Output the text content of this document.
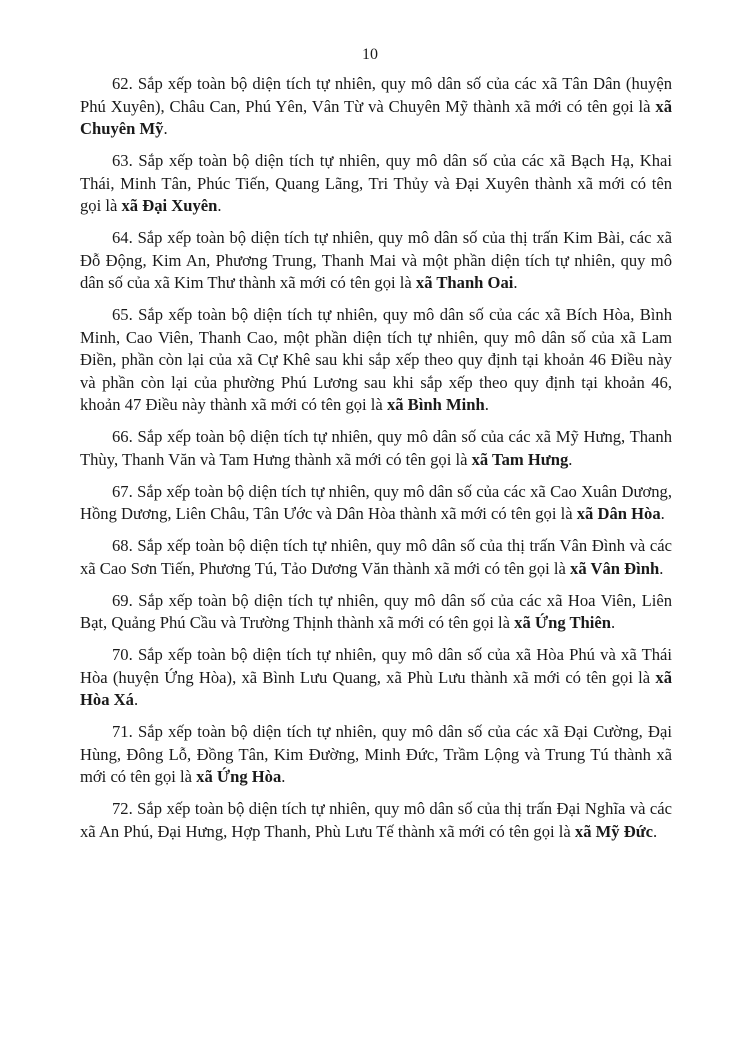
10

62. Sắp xếp toàn bộ diện tích tự nhiên, quy mô dân số của các xã Tân Dân (huyện Phú Xuyên), Châu Can, Phú Yên, Vân Từ và Chuyên Mỹ thành xã mới có tên gọi là xã Chuyên Mỹ.

63. Sắp xếp toàn bộ diện tích tự nhiên, quy mô dân số của các xã Bạch Hạ, Khai Thái, Minh Tân, Phúc Tiến, Quang Lãng, Tri Thủy và Đại Xuyên thành xã mới có tên gọi là xã Đại Xuyên.

64. Sắp xếp toàn bộ diện tích tự nhiên, quy mô dân số của thị trấn Kim Bài, các xã Đỗ Động, Kim An, Phương Trung, Thanh Mai và một phần diện tích tự nhiên, quy mô dân số của xã Kim Thư thành xã mới có tên gọi là xã Thanh Oai.

65. Sắp xếp toàn bộ diện tích tự nhiên, quy mô dân số của các xã Bích Hòa, Bình Minh, Cao Viên, Thanh Cao, một phần diện tích tự nhiên, quy mô dân số của xã Lam Điền, phần còn lại của xã Cự Khê sau khi sắp xếp theo quy định tại khoản 46 Điều này và phần còn lại của phường Phú Lương sau khi sắp xếp theo quy định tại khoản 46, khoản 47 Điều này thành xã mới có tên gọi là xã Bình Minh.

66. Sắp xếp toàn bộ diện tích tự nhiên, quy mô dân số của các xã Mỹ Hưng, Thanh Thùy, Thanh Văn và Tam Hưng thành xã mới có tên gọi là xã Tam Hưng.

67. Sắp xếp toàn bộ diện tích tự nhiên, quy mô dân số của các xã Cao Xuân Dương, Hồng Dương, Liên Châu, Tân Ước và Dân Hòa thành xã mới có tên gọi là xã Dân Hòa.

68. Sắp xếp toàn bộ diện tích tự nhiên, quy mô dân số của thị trấn Vân Đình và các xã Cao Sơn Tiến, Phương Tú, Tảo Dương Văn thành xã mới có tên gọi là xã Vân Đình.

69. Sắp xếp toàn bộ diện tích tự nhiên, quy mô dân số của các xã Hoa Viên, Liên Bạt, Quảng Phú Cầu và Trường Thịnh thành xã mới có tên gọi là xã Ứng Thiên.

70. Sắp xếp toàn bộ diện tích tự nhiên, quy mô dân số của xã Hòa Phú và xã Thái Hòa (huyện Ứng Hòa), xã Bình Lưu Quang, xã Phù Lưu thành xã mới có tên gọi là xã Hòa Xá.

71. Sắp xếp toàn bộ diện tích tự nhiên, quy mô dân số của các xã Đại Cường, Đại Hùng, Đông Lỗ, Đồng Tân, Kim Đường, Minh Đức, Trầm Lộng và Trung Tú thành xã mới có tên gọi là xã Ứng Hòa.

72. Sắp xếp toàn bộ diện tích tự nhiên, quy mô dân số của thị trấn Đại Nghĩa và các xã An Phú, Đại Hưng, Hợp Thanh, Phù Lưu Tế thành xã mới có tên gọi là xã Mỹ Đức.
